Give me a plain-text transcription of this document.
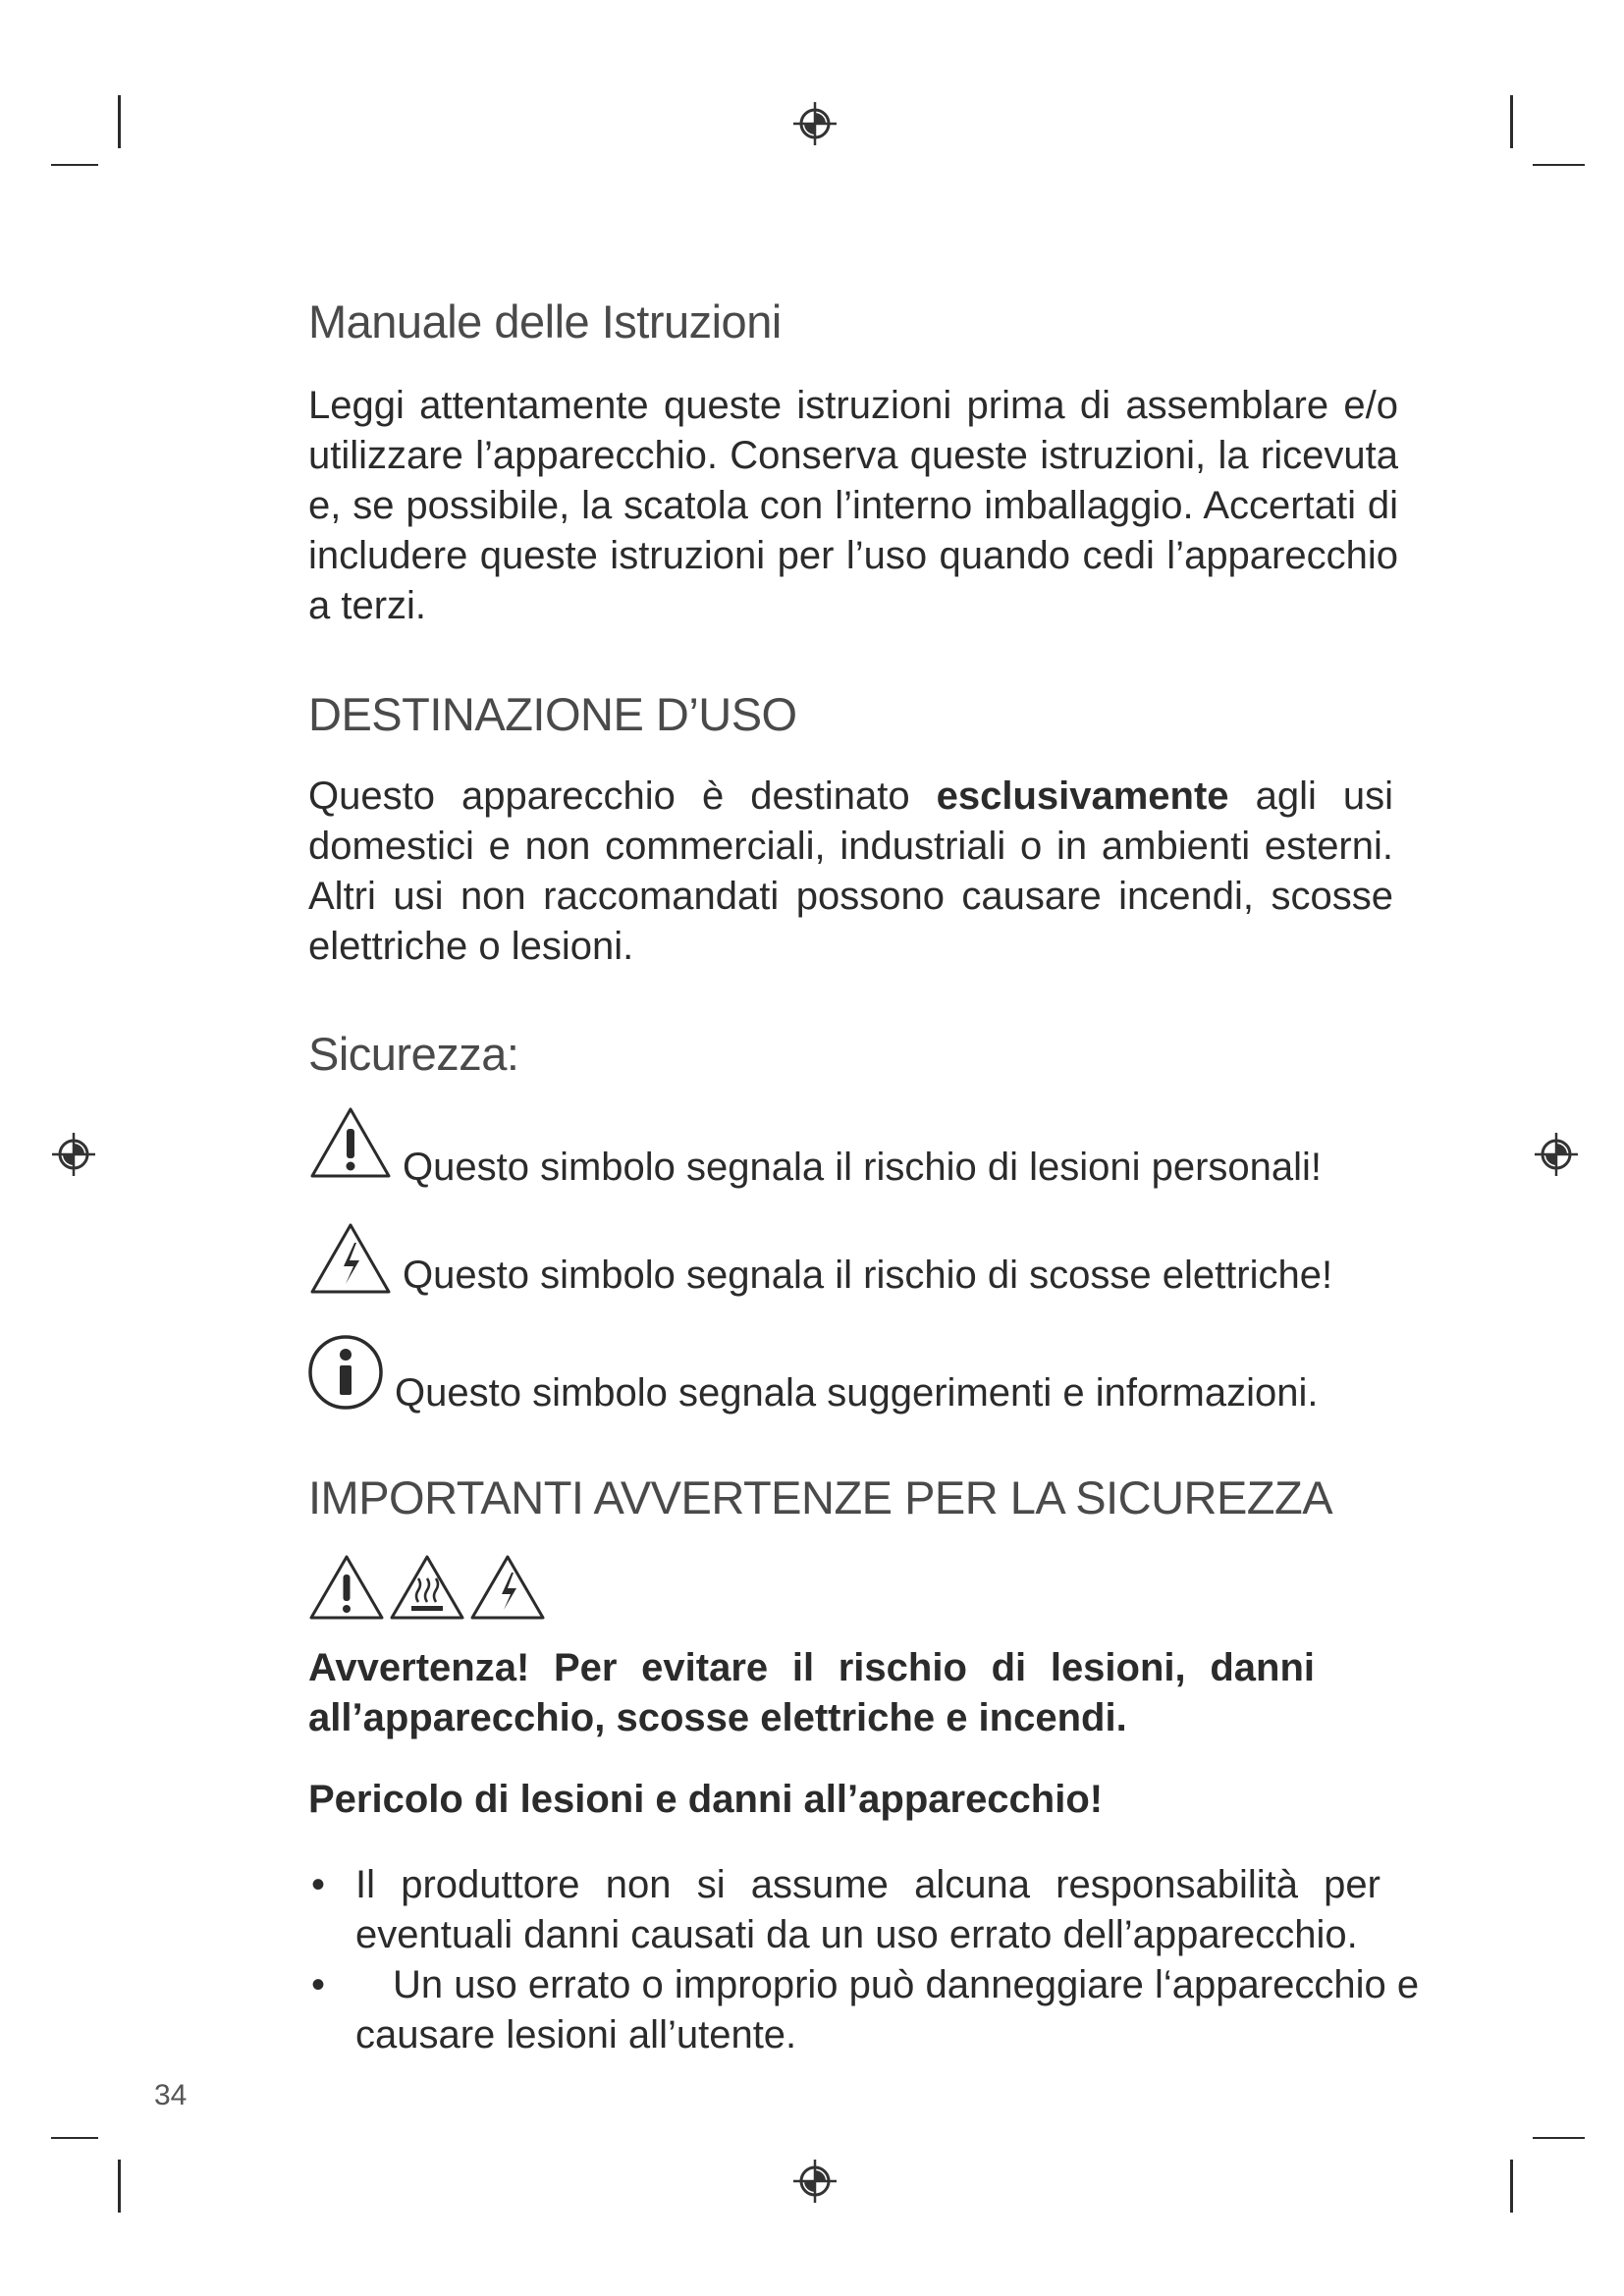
Manuale delle Istruzioni

Leggi attentamente queste istruzioni prima di assemblare e/o utilizzare l’apparecchio. Conserva queste istruzioni, la ricevuta e, se possibile, la scatola con l’interno imballaggio. Accertati di includere queste istruzioni per l’uso quando cedi l’apparecchio a terzi.

DESTINAZIONE D’USO

Questo apparecchio è destinato esclusivamente agli usi domestici e non commerciali, industriali o in ambienti esterni. Altri usi non raccomandati possono causare incendi, scosse elettriche o lesioni.

Sicurezza:
Questo simbolo segnala il rischio di lesioni personali!
Questo simbolo segnala il rischio di scosse elettriche!
Questo simbolo segnala suggerimenti e informazioni.
IMPORTANTI AVVERTENZE PER LA SICUREZZA

Avvertenza! Per evitare il rischio di lesioni, danni all’apparecchio, scosse elettriche e incendi.

Pericolo di lesioni e danni all’apparecchio!

• Il produttore non si assume alcuna responsabilità per eventuali danni causati da un uso errato dell’apparecchio.
•	Un uso errato o improprio può danneggiare l‘apparecchio e causare lesioni all’utente.
34
